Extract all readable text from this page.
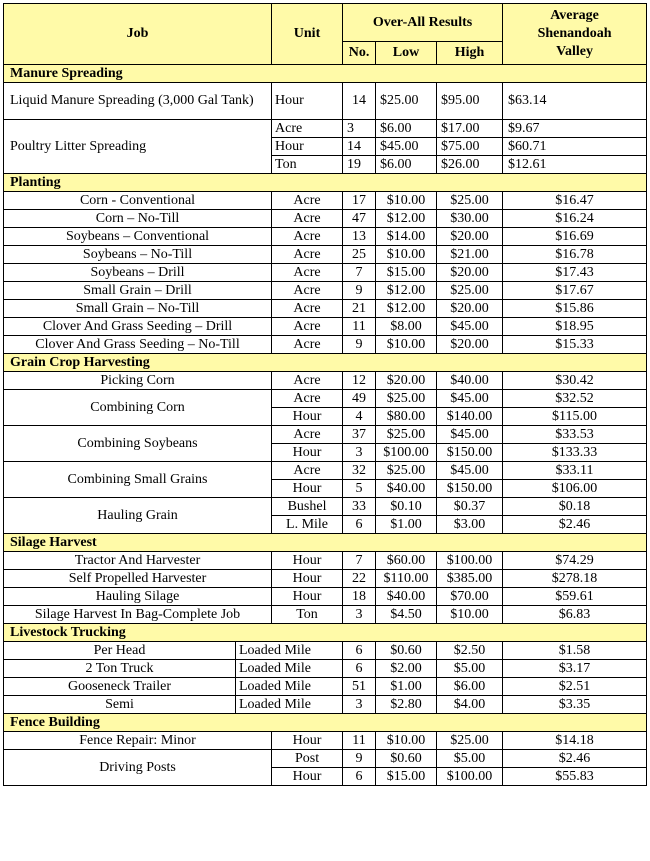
Job		Unit	Over-All Results			Average
Shenandoah
Valley
			No.	Low	High	
Manure Spreading						
Liquid Manure Spreading (3,000 Gal Tank)		Hour	14	$25.00	$95.00	$63.14
Poultry Litter Spreading		Acre	3	$6.00	$17.00	$9.67
		Hour	14	$45.00	$75.00	$60.71
		Ton	19	$6.00	$26.00	$12.61
Planting						
Corn - Conventional		Acre	17	$10.00	$25.00	$16.47
Corn – No-Till		Acre	47	$12.00	$30.00	$16.24
Soybeans – Conventional		Acre	13	$14.00	$20.00	$16.69
Soybeans – No-Till		Acre	25	$10.00	$21.00	$16.78
Soybeans – Drill		Acre	7	$15.00	$20.00	$17.43
Small Grain – Drill		Acre	9	$12.00	$25.00	$17.67
Small Grain – No-Till		Acre	21	$12.00	$20.00	$15.86
Clover And Grass Seeding – Drill		Acre	11	$8.00	$45.00	$18.95
Clover And Grass Seeding – No-Till		Acre	9	$10.00	$20.00	$15.33
Grain Crop Harvesting						
Picking Corn		Acre	12	$20.00	$40.00	$30.42
Combining Corn		Acre	49	$25.00	$45.00	$32.52
		Hour	4	$80.00	$140.00	$115.00
Combining Soybeans		Acre	37	$25.00	$45.00	$33.53
		Hour	3	$100.00	$150.00	$133.33
Combining Small Grains		Acre	32	$25.00	$45.00	$33.11
		Hour	5	$40.00	$150.00	$106.00
Hauling Grain		Bushel	33	$0.10	$0.37	$0.18
		L. Mile	6	$1.00	$3.00	$2.46
Silage Harvest						
Tractor And Harvester		Hour	7	$60.00	$100.00	$74.29
Self Propelled Harvester		Hour	22	$110.00	$385.00	$278.18
Hauling Silage		Hour	18	$40.00	$70.00	$59.61
Silage Harvest In Bag-Complete Job		Ton	3	$4.50	$10.00	$6.83
Livestock Trucking						
Per Head	Loaded Mile		6	$0.60	$2.50	$1.58
2 Ton Truck	Loaded Mile		6	$2.00	$5.00	$3.17
Gooseneck Trailer	Loaded Mile		51	$1.00	$6.00	$2.51
Semi	Loaded Mile		3	$2.80	$4.00	$3.35
Fence Building						
Fence Repair: Minor		Hour	11	$10.00	$25.00	$14.18
Driving Posts		Post	9	$0.60	$5.00	$2.46
		Hour	6	$15.00	$100.00	$55.83
